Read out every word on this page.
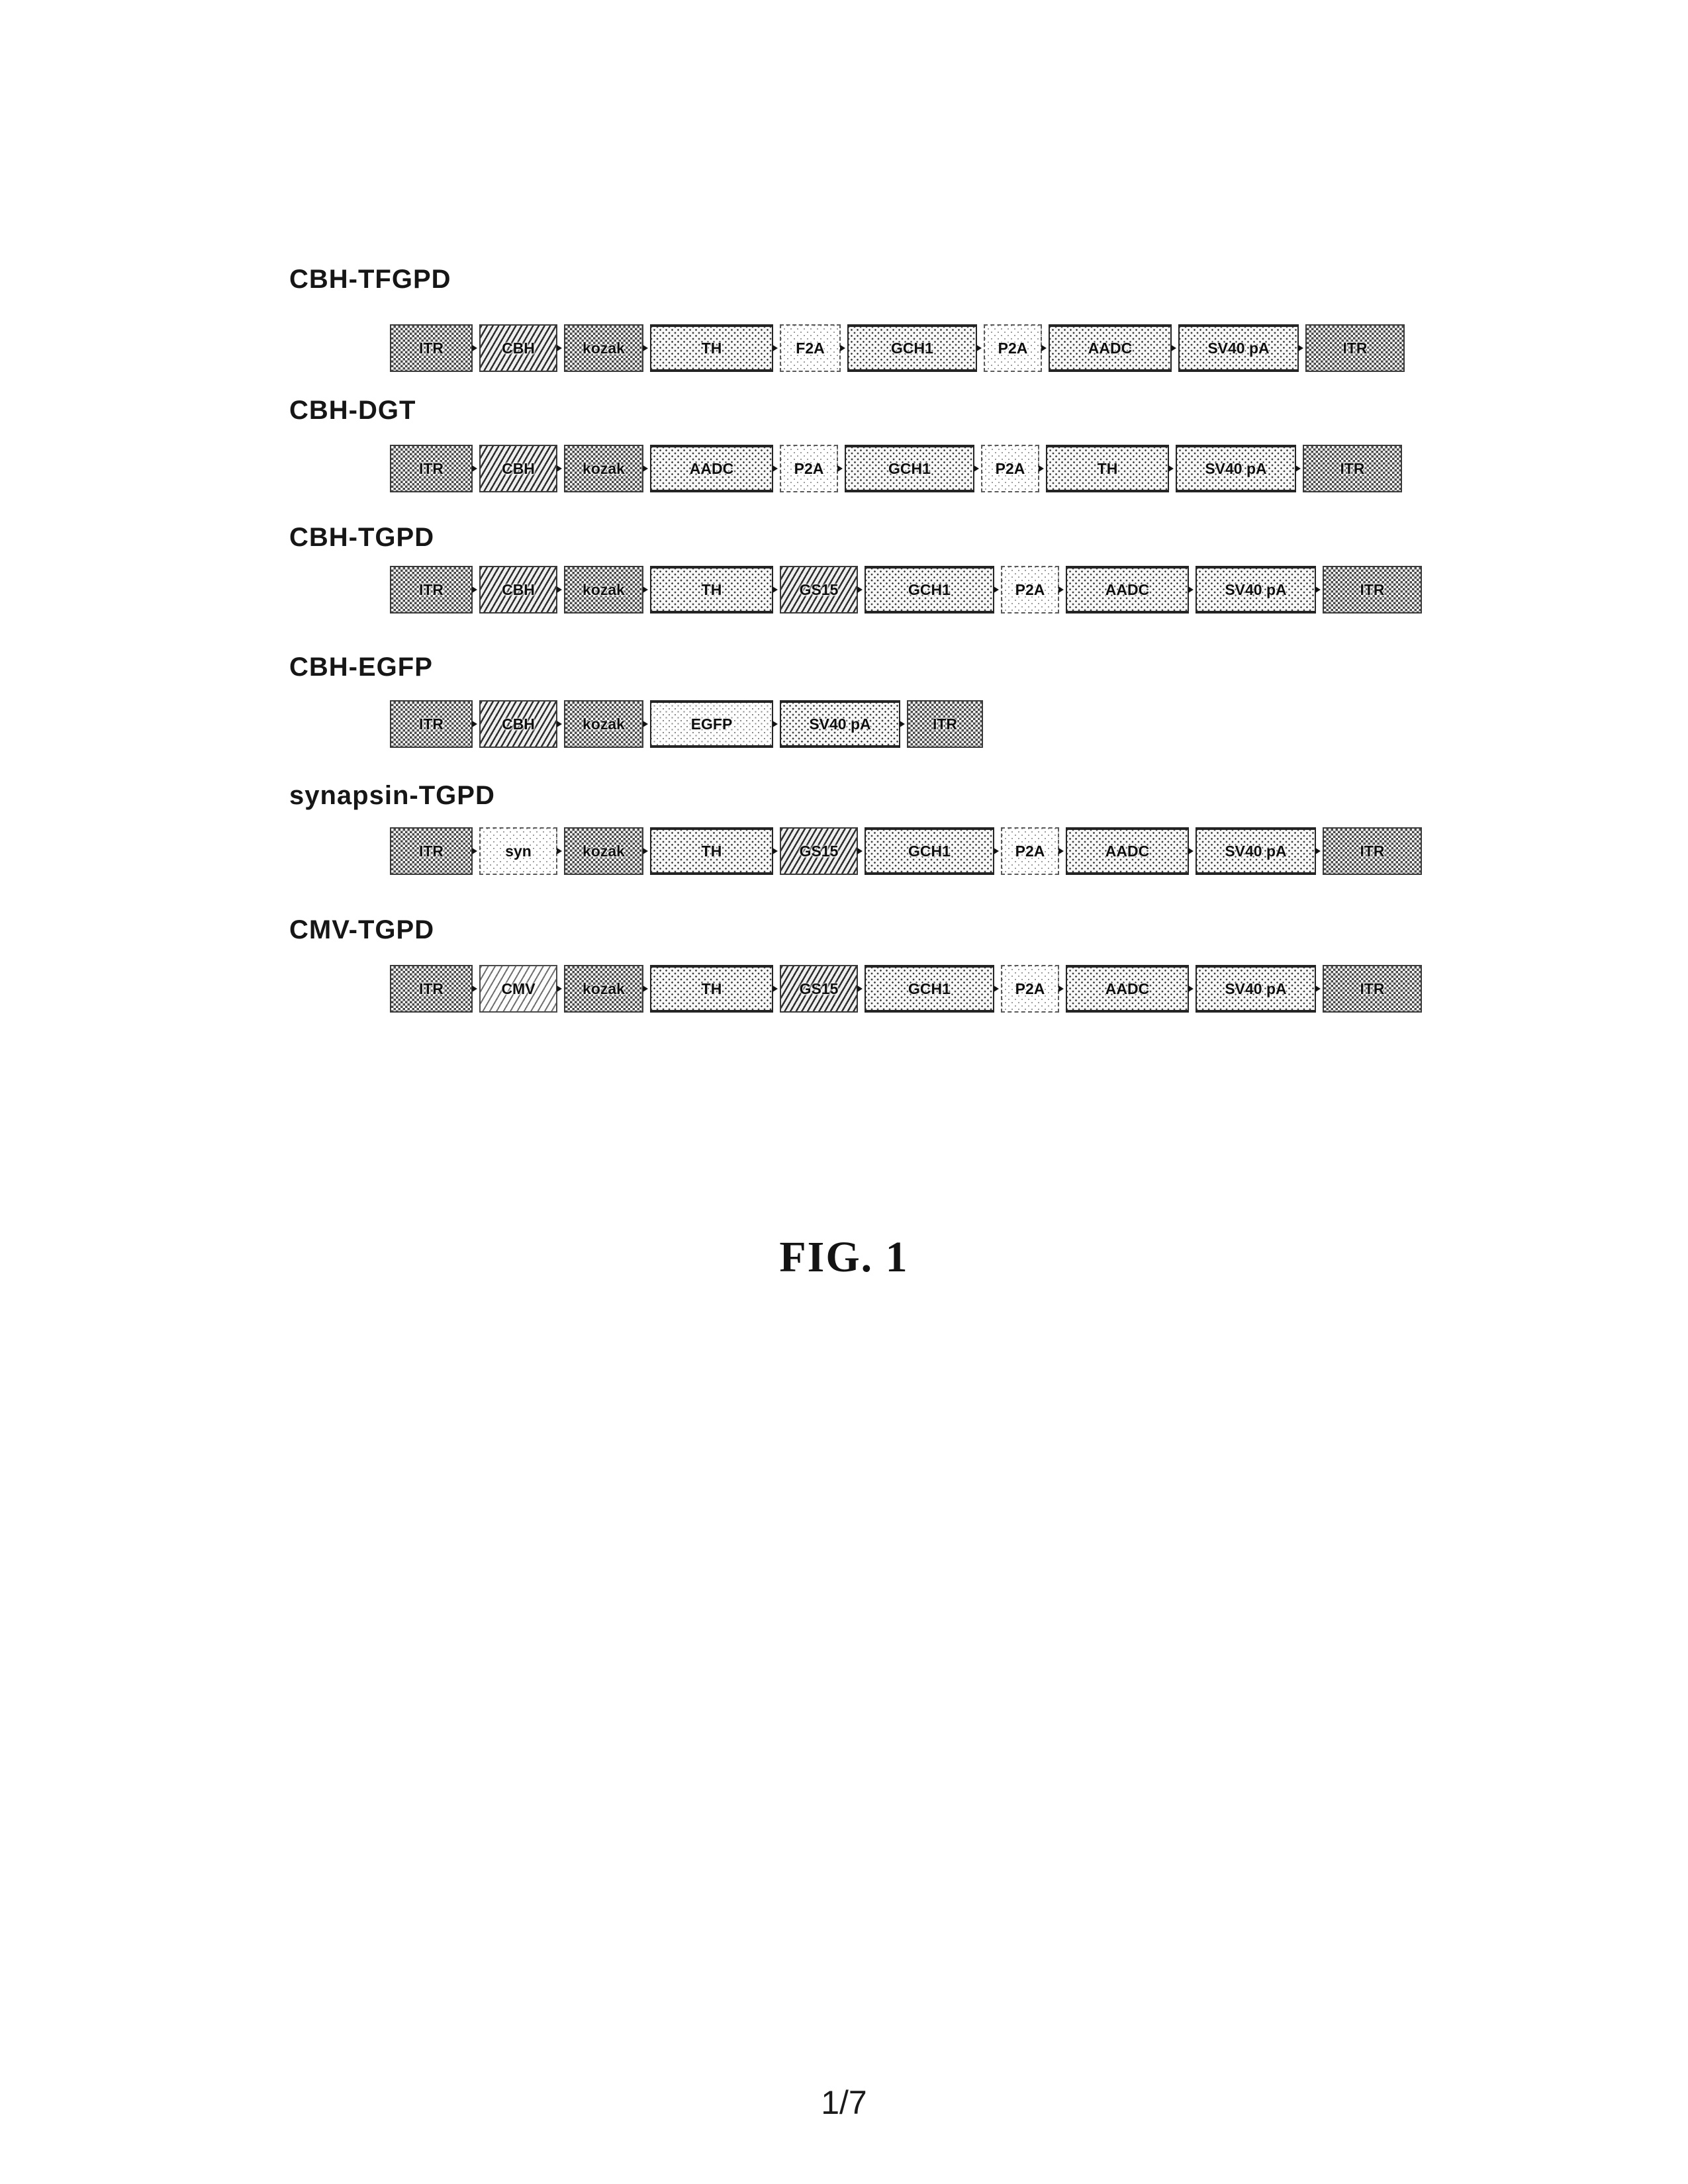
CBH-TFGPD
ITR	CBH	kozak	TH	F2A	GCH1	P2A	AADC	SV40 pA	ITR
CBH-DGT
ITR	CBH	kozak	AADC	P2A	GCH1	P2A	TH	SV40 pA	ITR
CBH-TGPD
ITR	CBH	kozak	TH	GS15	GCH1	P2A	AADC	SV40 pA	ITR
CBH-EGFP
ITR	CBH	kozak	EGFP	SV40 pA	ITR
synapsin-TGPD
ITR	syn	kozak	TH	GS15	GCH1	P2A	AADC	SV40 pA	ITR
CMV-TGPD
ITR	CMV	kozak	TH	GS15	GCH1	P2A	AADC	SV40 pA	ITR
FIG. 1
1/7
